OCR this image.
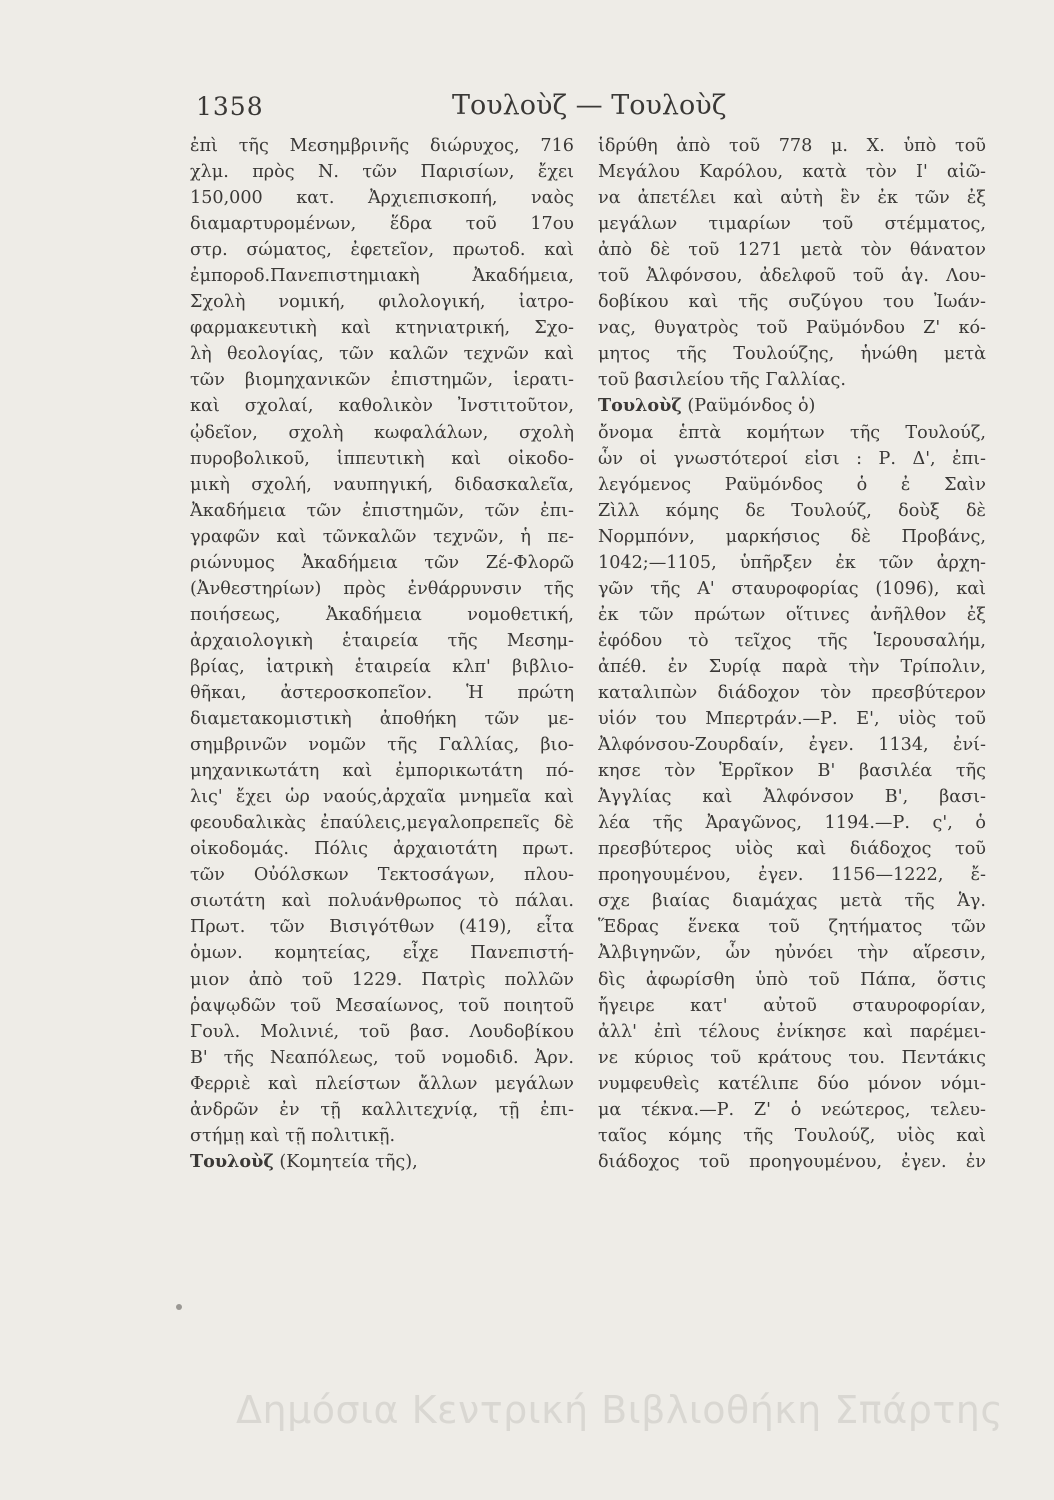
1358	Τουλοὺζ — Τουλοὺζ
ἐπὶ τῆς Μεσημβρινῆς διώρυχος, 716
χλμ. πρὸς Ν. τῶν Παρισίων, ἔχει
150,000 κατ. Ἀρχιεπισκοπή, ναὸς
διαμαρτυρομένων, ἕδρα τοῦ 17ου
στρ. σώματος, ἐφετεῖον, πρωτοδ. καὶ
ἐμποροδ.Πανεπιστημιακὴ Ἀκαδήμεια,
Σχολὴ νομική, φιλολογική, ἰατρο-
φαρμακευτικὴ καὶ κτηνιατρική, Σχο-
λὴ θεολογίας, τῶν καλῶν τεχνῶν καὶ
τῶν βιομηχανικῶν ἐπιστημῶν, ἱερατι-
καὶ σχολαί, καθολικὸν Ἰνστιτοῦτον,
ᾠδεῖον, σχολὴ κωφαλάλων, σχολὴ
πυροβολικοῦ, ἱππευτικὴ καὶ οἰκοδο-
μικὴ σχολή, ναυπηγική, διδασκαλεῖα,
Ἀκαδήμεια τῶν ἐπιστημῶν, τῶν ἐπι-
γραφῶν καὶ τῶνκαλῶν τεχνῶν, ἡ πε-
ριώνυμος Ἀκαδήμεια τῶν Ζέ-Φλορῶ
(Ἀνθεστηρίων) πρὸς ἐνθάρρυνσιν τῆς
ποιήσεως, Ἀκαδήμεια νομοθετική,
ἀρχαιολογικὴ ἑταιρεία τῆς Μεσημ-
βρίας, ἰατρικὴ ἑταιρεία κλπ' βιβλιο-
θῆκαι, ἀστεροσκοπεῖον. Ἡ πρώτη
διαμετακομιστικὴ ἀποθήκη τῶν με-
σημβρινῶν νομῶν τῆς Γαλλίας, βιο-
μηχανικωτάτη καὶ ἐμπορικωτάτη πό-
λις' ἔχει ὡρ ναούς,ἀρχαῖα μνημεῖα καὶ
φεουδαλικὰς ἐπαύλεις,μεγαλοπρεπεῖς δὲ
οἰκοδομάς. Πόλις ἀρχαιοτάτη πρωτ.
τῶν Οὐόλσκων Τεκτοσάγων, πλου-
σιωτάτη καὶ πολυάνθρωπος τὸ πάλαι.
Πρωτ. τῶν Βισιγότθων (419), εἶτα
ὁμων. κομητείας, εἶχε Πανεπιστή-
μιον ἀπὸ τοῦ 1229. Πατρὶς πολλῶν
ῥαψῳδῶν τοῦ Μεσαίωνος, τοῦ ποιητοῦ
Γουλ. Μολινιέ, τοῦ βασ. Λουδοβίκου
Β' τῆς Νεαπόλεως, τοῦ νομοδιδ. Ἀρν.
Φερριὲ καὶ πλείστων ἄλλων μεγάλων
ἀνδρῶν ἐν τῇ καλλιτεχνίᾳ, τῇ ἐπι-
στήμῃ καὶ τῇ πολιτικῇ.
Τουλοὺζ (Κομητεία τῆς),
ἱδρύθη ἀπὸ τοῦ 778 μ. Χ. ὑπὸ τοῦ
Μεγάλου Καρόλου, κατὰ τὸν Ι' αἰῶ-
να ἀπετέλει καὶ αὐτὴ ἓν ἐκ τῶν ἐξ
μεγάλων τιμαρίων τοῦ στέμματος,
ἀπὸ δὲ τοῦ 1271 μετὰ τὸν θάνατον
τοῦ Ἀλφόνσου, ἀδελφοῦ τοῦ ἁγ. Λου-
δοβίκου καὶ τῆς συζύγου του Ἰωάν-
νας, θυγατρὸς τοῦ Ραϋμόνδου Ζ' κό-
μητος τῆς Τουλούζης, ἡνώθη μετὰ
τοῦ βασιλείου τῆς Γαλλίας.
Τουλοὺζ (Ραϋμόνδος ὁ)
ὄνομα ἑπτὰ κομήτων τῆς Τουλούζ,
ὧν οἱ γνωστότεροί εἰσι : Ρ. Δ', ἐπι-
λεγόμενος Ραϋμόνδος ὁ ἐ Σαὶν
Ζὶλλ κόμης δε Τουλούζ, δοὺξ δὲ
Νορμπόνν, μαρκήσιος δὲ Προβάνς,
1042;—1105, ὑπῆρξεν ἐκ τῶν ἀρχη-
γῶν τῆς Α' σταυροφορίας (1096), καὶ
ἐκ τῶν πρώτων οἵτινες ἀνῆλθον ἐξ
ἐφόδου τὸ τεῖχος τῆς Ἱερουσαλήμ,
ἀπέθ. ἐν Συρίᾳ παρὰ τὴν Τρίπολιν,
καταλιπὼν διάδοχον τὸν πρεσβύτερον
υἱόν του Μπερτράν.—Ρ. Ε', υἱὸς τοῦ
Ἀλφόνσου-Ζουρδαίν, ἐγεν. 1134, ἐνί-
κησε τὸν Ἑρρῖκον Β' βασιλέα τῆς
Ἀγγλίας καὶ Ἀλφόνσον Β', βασι-
λέα τῆς Ἀραγῶνος, 1194.—Ρ. ς', ὁ
πρεσβύτερος υἱὸς καὶ διάδοχος τοῦ
προηγουμένου, ἐγεν. 1156—1222, ἔ-
σχε βιαίας διαμάχας μετὰ τῆς Ἁγ.
Ἕδρας ἕνεκα τοῦ ζητήματος τῶν
Ἀλβιγηνῶν, ὧν ηὐνόει τὴν αἵρεσιν,
δὶς ἀφωρίσθη ὑπὸ τοῦ Πάπα, ὅστις
ἤγειρε κατ' αὐτοῦ σταυροφορίαν,
ἀλλ' ἐπὶ τέλους ἐνίκησε καὶ παρέμει-
νε κύριος τοῦ κράτους του. Πεντάκις
νυμφευθεὶς κατέλιπε δύο μόνον νόμι-
μα τέκνα.—Ρ. Ζ' ὁ νεώτερος, τελευ-
ταῖος κόμης τῆς Τουλούζ, υἱὸς καὶ
διάδοχος τοῦ προηγουμένου, ἐγεν. ἐν
Δημόσια Κεντρική Βιβλιοθήκη Σπάρτης
